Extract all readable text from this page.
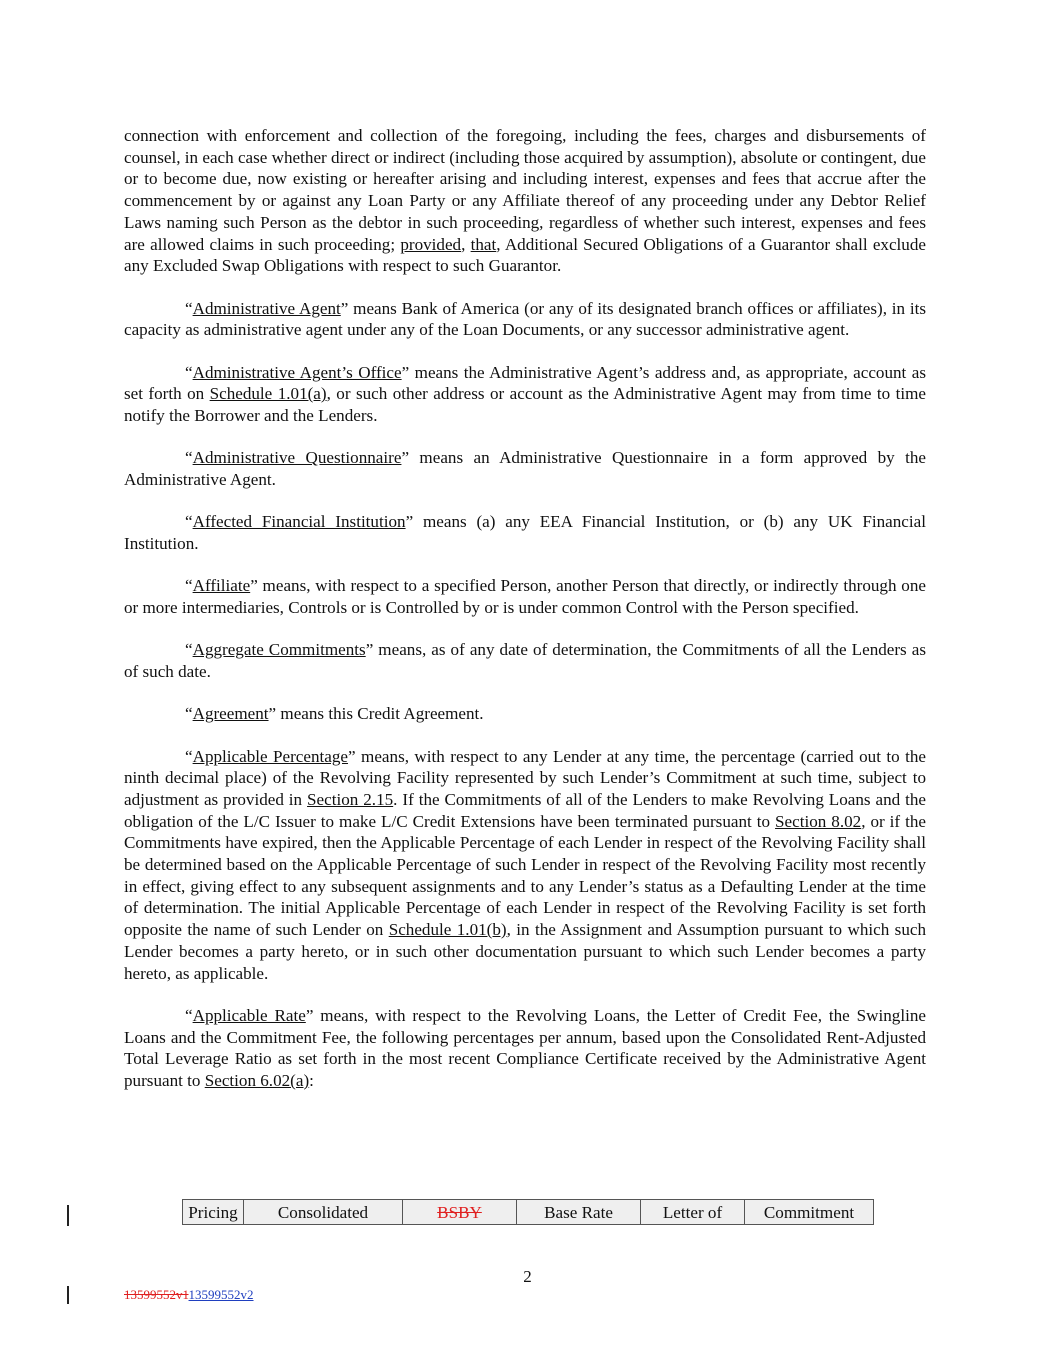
connection with enforcement and collection of the foregoing, including the fees, charges and disbursements of counsel, in each case whether direct or indirect (including those acquired by assumption), absolute or contingent, due or to become due, now existing or hereafter arising and including interest, expenses and fees that accrue after the commencement by or against any Loan Party or any Affiliate thereof of any proceeding under any Debtor Relief Laws naming such Person as the debtor in such proceeding, regardless of whether such interest, expenses and fees are allowed claims in such proceeding; provided, that, Additional Secured Obligations of a Guarantor shall exclude any Excluded Swap Obligations with respect to such Guarantor.

“Administrative Agent” means Bank of America (or any of its designated branch offices or affiliates), in its capacity as administrative agent under any of the Loan Documents, or any successor administrative agent.

“Administrative Agent’s Office” means the Administrative Agent’s address and, as appropriate, account as set forth on Schedule 1.01(a), or such other address or account as the Administrative Agent may from time to time notify the Borrower and the Lenders.

“Administrative Questionnaire” means an Administrative Questionnaire in a form approved by the Administrative Agent.

“Affected Financial Institution” means (a) any EEA Financial Institution, or (b) any UK Financial Institution.

“Affiliate” means, with respect to a specified Person, another Person that directly, or indirectly through one or more intermediaries, Controls or is Controlled by or is under common Control with the Person specified.

“Aggregate Commitments” means, as of any date of determination, the Commitments of all the Lenders as of such date.

“Agreement” means this Credit Agreement.

“Applicable Percentage” means, with respect to any Lender at any time, the percentage (carried out to the ninth decimal place) of the Revolving Facility represented by such Lender’s Commitment at such time, subject to adjustment as provided in Section 2.15. If the Commitments of all of the Lenders to make Revolving Loans and the obligation of the L/C Issuer to make L/C Credit Extensions have been terminated pursuant to Section 8.02, or if the Commitments have expired, then the Applicable Percentage of each Lender in respect of the Revolving Facility shall be determined based on the Applicable Percentage of such Lender in respect of the Revolving Facility most recently in effect, giving effect to any subsequent assignments and to any Lender’s status as a Defaulting Lender at the time of determination. The initial Applicable Percentage of each Lender in respect of the Revolving Facility is set forth opposite the name of such Lender on Schedule 1.01(b), in the Assignment and Assumption pursuant to which such Lender becomes a party hereto, or in such other documentation pursuant to which such Lender becomes a party hereto, as applicable.

“Applicable Rate” means, with respect to the Revolving Loans, the Letter of Credit Fee, the Swingline Loans and the Commitment Fee, the following percentages per annum, based upon the Consolidated Rent-Adjusted Total Leverage Ratio as set forth in the most recent Compliance Certificate received by the Administrative Agent pursuant to Section 6.02(a):

Pricing	Consolidated	BSBY	Base Rate	Letter of	Commitment
2
13599552v113599552v2
